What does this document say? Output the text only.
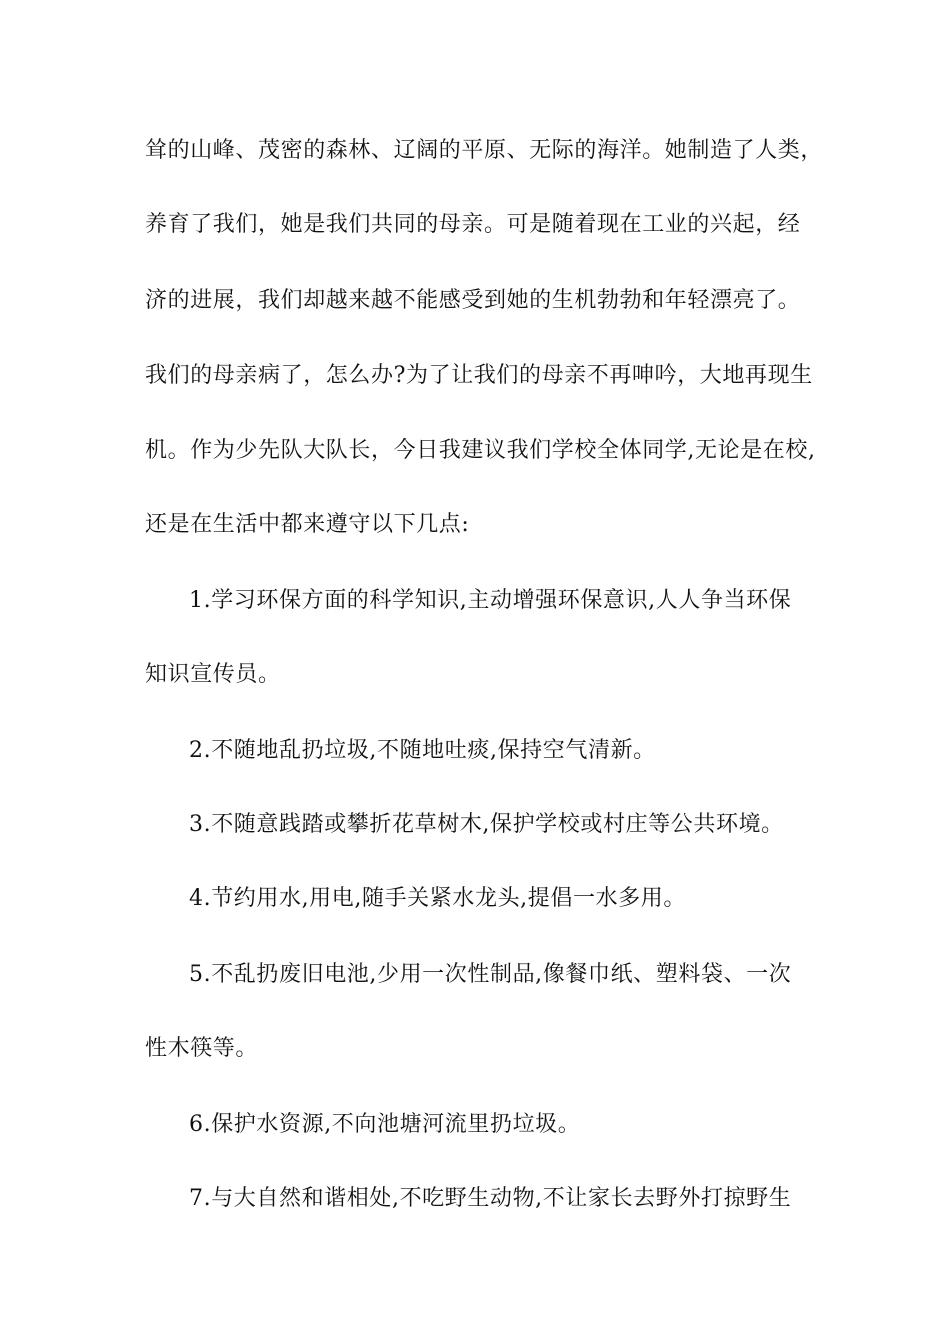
耸的山峰、茂密的森林、辽阔的平原、无际的海洋。她制造了人类，
养育了我们，她是我们共同的母亲。可是随着现在工业的兴起，经
济的进展，我们却越来越不能感受到她的生机勃勃和年轻漂亮了。
我们的母亲病了，怎么办?为了让我们的母亲不再呻吟，大地再现生
机。作为少先队大队长，今日我建议我们学校全体同学,无论是在校,
还是在生活中都来遵守以下几点:
1.学习环保方面的科学知识,主动增强环保意识,人人争当环保
知识宣传员。
2.不随地乱扔垃圾,不随地吐痰,保持空气清新。
3.不随意践踏或攀折花草树木,保护学校或村庄等公共环境。
4.节约用水,用电,随手关紧水龙头,提倡一水多用。
5.不乱扔废旧电池,少用一次性制品,像餐巾纸、塑料袋、一次
性木筷等。
6.保护水资源,不向池塘河流里扔垃圾。
7.与大自然和谐相处,不吃野生动物,不让家长去野外打掠野生
